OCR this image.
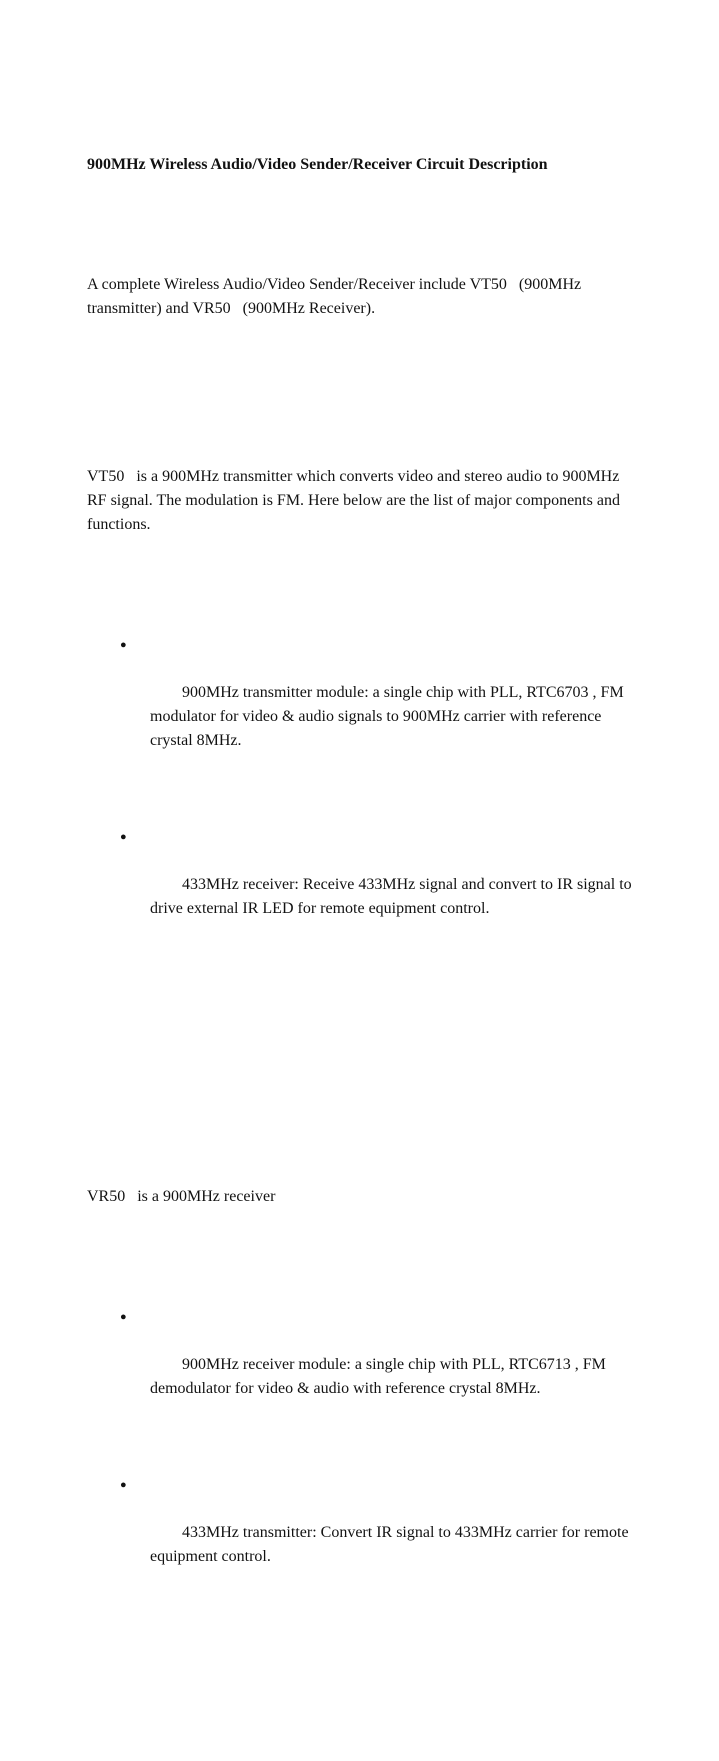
900MHz Wireless Audio/Video Sender/Receiver Circuit Description

A complete Wireless Audio/Video Sender/Receiver include VT50   (900MHz transmitter) and VR50   (900MHz Receiver).

VT50   is a 900MHz transmitter which converts video and stereo audio to 900MHz RF signal. The modulation is FM. Here below are the list of major components and functions.

●

900MHz transmitter module: a single chip with PLL, RTC6703 , FM modulator for video & audio signals to 900MHz carrier with reference crystal 8MHz.

●

433MHz receiver: Receive 433MHz signal and convert to IR signal to drive external IR LED for remote equipment control.

VR50   is a 900MHz receiver

●

900MHz receiver module: a single chip with PLL, RTC6713 , FM demodulator for video & audio with reference crystal 8MHz.

●

433MHz transmitter: Convert IR signal to 433MHz carrier for remote equipment control.
